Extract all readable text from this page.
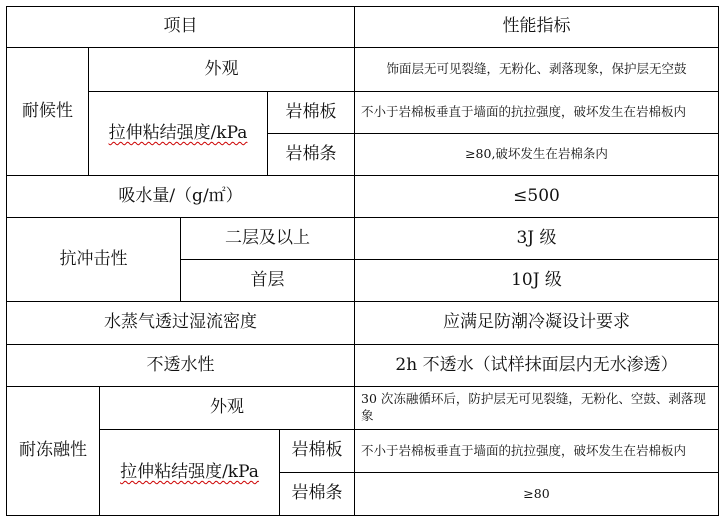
项目	性能指标
耐候性
外观	饰面层无可见裂缝，无粉化、剥落现象，保护层无空鼓
拉伸粘结强度/kPa
岩棉板	不小于岩棉板垂直于墙面的抗拉强度，破坏发生在岩棉板内
岩棉条	≥80,破坏发生在岩棉条内
吸水量/（g/㎡）	≤500
抗冲击性
二层及以上	3J 级
首层	10J 级
水蒸气透过湿流密度	应满足防潮冷凝设计要求
不透水性	2h 不透水（试样抹面层内无水渗透）
耐冻融性
外观	30 次冻融循环后，防护层无可见裂缝，无粉化、空鼓、剥落现象
拉伸粘结强度/kPa
岩棉板	不小于岩棉板垂直于墙面的抗拉强度，破坏发生在岩棉板内
岩棉条	≥80
